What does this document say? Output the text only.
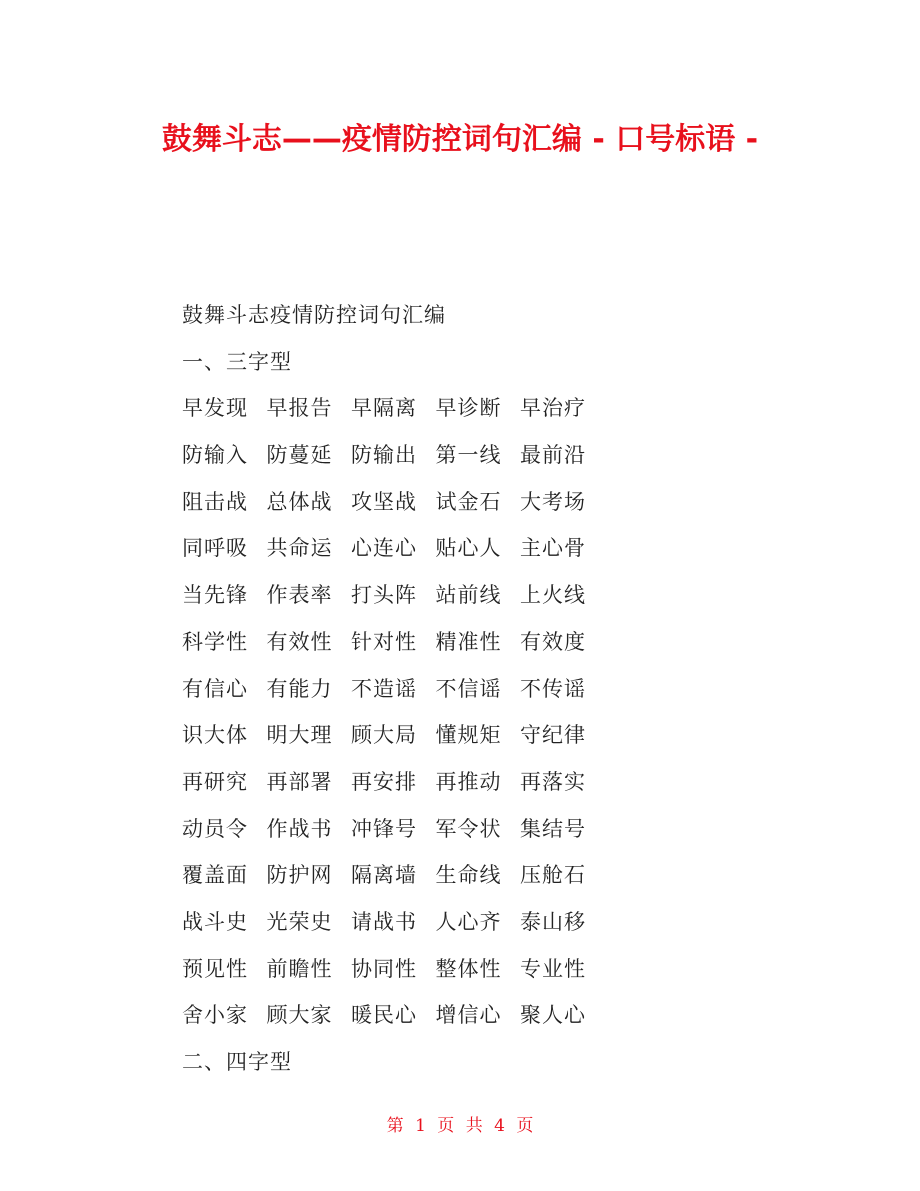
鼓舞斗志——疫情防控词句汇编 - 口号标语 -
鼓舞斗志疫情防控词句汇编
一、三字型
早发现 早报告 早隔离 早诊断 早治疗
防输入 防蔓延 防输出 第一线 最前沿
阻击战 总体战 攻坚战 试金石 大考场
同呼吸 共命运 心连心 贴心人 主心骨
当先锋 作表率 打头阵 站前线 上火线
科学性 有效性 针对性 精准性 有效度
有信心 有能力 不造谣 不信谣 不传谣
识大体 明大理 顾大局 懂规矩 守纪律
再研究 再部署 再安排 再推动 再落实
动员令 作战书 冲锋号 军令状 集结号
覆盖面 防护网 隔离墙 生命线 压舱石
战斗史 光荣史 请战书 人心齐 泰山移
预见性 前瞻性 协同性 整体性 专业性
舍小家 顾大家 暖民心 增信心 聚人心
二、四字型
第 1 页 共 4 页
